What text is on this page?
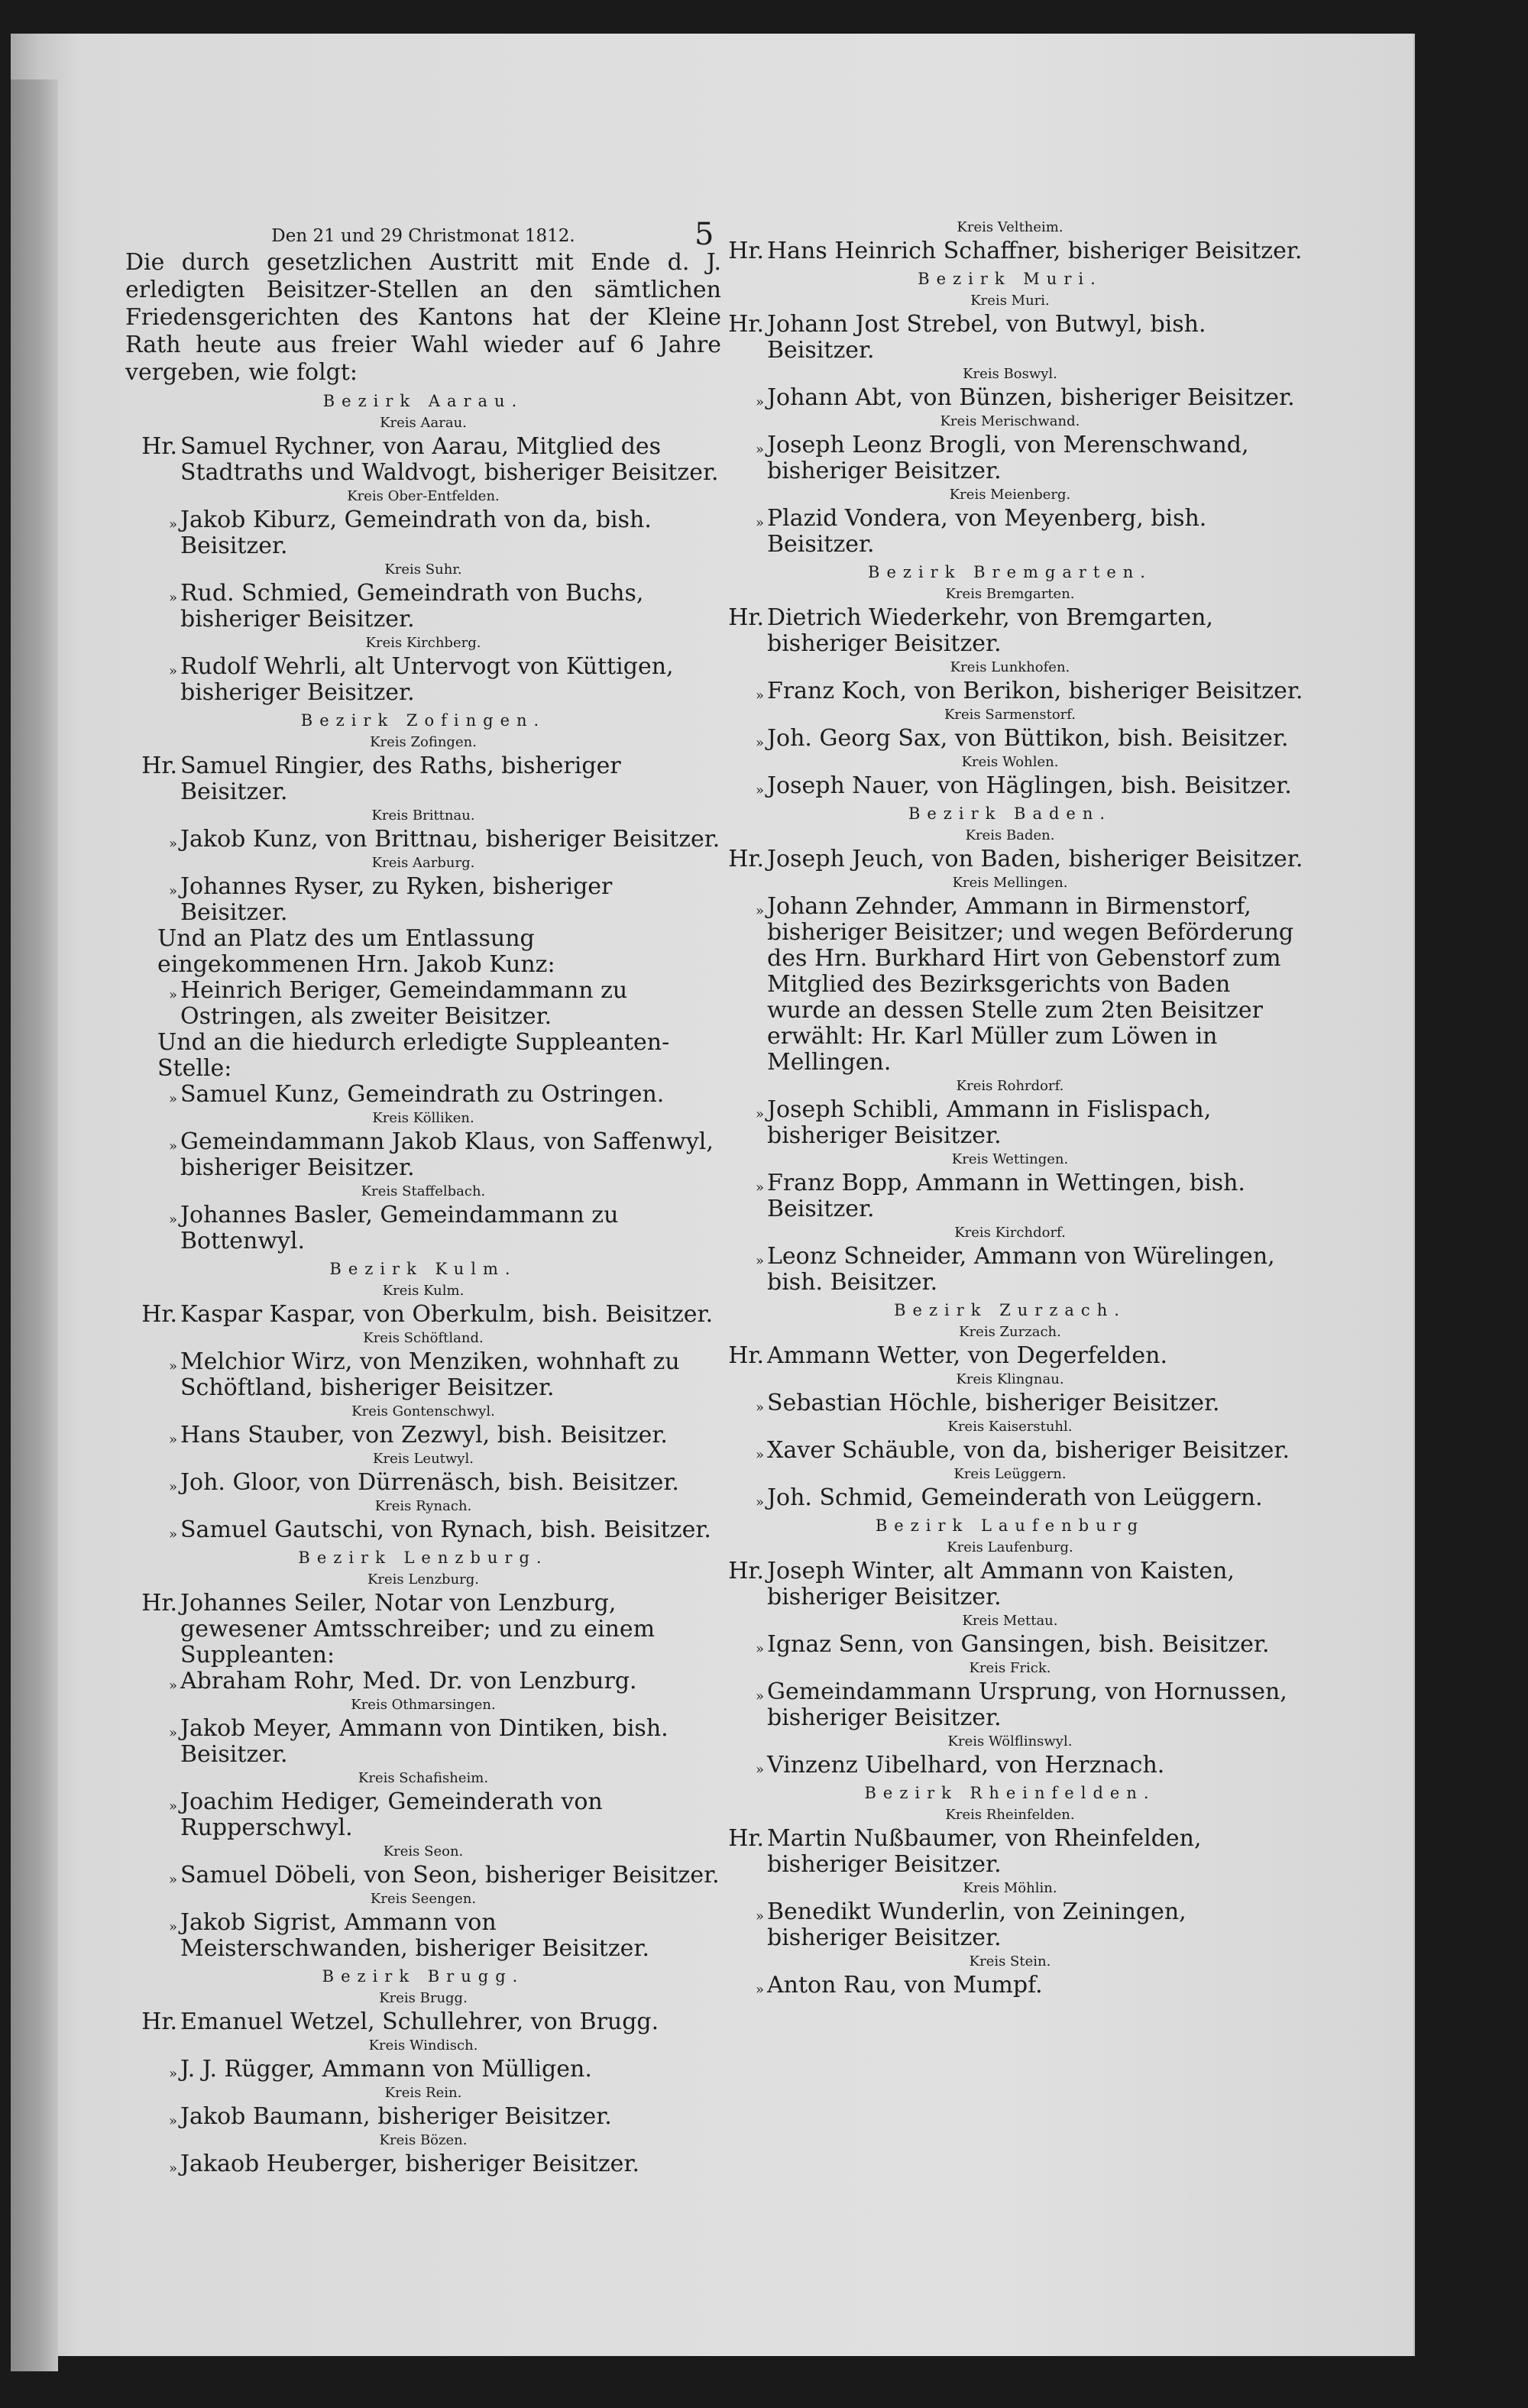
5
Den 21 und 29 Christmonat 1812.
Die durch gesetzlichen Austritt mit Ende d. J. erledigten Beisitzer-Stellen an den sämtlichen Friedensgerichten des Kantons hat der Kleine Rath heute aus freier Wahl wieder auf 6 Jahre vergeben, wie folgt:
Bezirk Aarau.
Kreis Aarau.
Hr. Samuel Rychner, von Aarau, Mitglied des Stadtraths und Waldvogt, bisheriger Beisitzer.
Kreis Ober-Entfelden.
» Jakob Kiburz, Gemeindrath von da, bish. Beisitzer.
Kreis Suhr.
» Rud. Schmied, Gemeindrath von Buchs, bisheriger Beisitzer.
Kreis Kirchberg.
» Rudolf Wehrli, alt Untervogt von Küttigen, bisheriger Beisitzer.
Bezirk Zofingen.
Kreis Zofingen.
Hr. Samuel Ringier, des Raths, bisheriger Beisitzer.
Kreis Brittnau.
» Jakob Kunz, von Brittnau, bisheriger Beisitzer.
Kreis Aarburg.
» Johannes Ryser, zu Ryken, bisheriger Beisitzer.
Und an Platz des um Entlassung eingekommenen Hrn. Jakob Kunz:
» Heinrich Beriger, Gemeindammann zu Ostringen, als zweiter Beisitzer.
Und an die hiedurch erledigte Suppleanten-Stelle:
» Samuel Kunz, Gemeindrath zu Ostringen.
Kreis Kölliken.
» Gemeindammann Jakob Klaus, von Saffenwyl, bisheriger Beisitzer.
Kreis Staffelbach.
» Johannes Basler, Gemeindammann zu Bottenwyl.
Bezirk Kulm.
Kreis Kulm.
Hr. Kaspar Kaspar, von Oberkulm, bish. Beisitzer.
Kreis Schöftland.
» Melchior Wirz, von Menziken, wohnhaft zu Schöftland, bisheriger Beisitzer.
Kreis Gontenschwyl.
» Hans Stauber, von Zezwyl, bish. Beisitzer.
Kreis Leutwyl.
» Joh. Gloor, von Dürrenäsch, bish. Beisitzer.
Kreis Rynach.
» Samuel Gautschi, von Rynach, bish. Beisitzer.
Bezirk Lenzburg.
Kreis Lenzburg.
Hr. Johannes Seiler, Notar von Lenzburg, gewesener Amtsschreiber; und zu einem Suppleanten:
» Abraham Rohr, Med. Dr. von Lenzburg.
Kreis Othmarsingen.
» Jakob Meyer, Ammann von Dintiken, bish. Beisitzer.
Kreis Schafisheim.
» Joachim Hediger, Gemeinderath von Rupperschwyl.
Kreis Seon.
» Samuel Döbeli, von Seon, bisheriger Beisitzer.
Kreis Seengen.
» Jakob Sigrist, Ammann von Meisterschwanden, bisheriger Beisitzer.
Bezirk Brugg.
Kreis Brugg.
Hr. Emanuel Wetzel, Schullehrer, von Brugg.
Kreis Windisch.
» J. J. Rügger, Ammann von Mülligen.
Kreis Rein.
» Jakob Baumann, bisheriger Beisitzer.
Kreis Bözen.
» Jakaob Heuberger, bisheriger Beisitzer.
Kreis Veltheim.
Hr. Hans Heinrich Schaffner, bisheriger Beisitzer.
Bezirk Muri.
Kreis Muri.
Hr. Johann Jost Strebel, von Butwyl, bish. Beisitzer.
Kreis Boswyl.
» Johann Abt, von Bünzen, bisheriger Beisitzer.
Kreis Merischwand.
» Joseph Leonz Brogli, von Merenschwand, bisheriger Beisitzer.
Kreis Meienberg.
» Plazid Vondera, von Meyenberg, bish. Beisitzer.
Bezirk Bremgarten.
Kreis Bremgarten.
Hr. Dietrich Wiederkehr, von Bremgarten, bisheriger Beisitzer.
Kreis Lunkhofen.
» Franz Koch, von Berikon, bisheriger Beisitzer.
Kreis Sarmenstorf.
» Joh. Georg Sax, von Büttikon, bish. Beisitzer.
Kreis Wohlen.
» Joseph Nauer, von Häglingen, bish. Beisitzer.
Bezirk Baden.
Kreis Baden.
Hr. Joseph Jeuch, von Baden, bisheriger Beisitzer.
Kreis Mellingen.
» Johann Zehnder, Ammann in Birmenstorf, bisheriger Beisitzer; und wegen Beförderung des Hrn. Burkhard Hirt von Gebenstorf zum Mitglied des Bezirksgerichts von Baden wurde an dessen Stelle zum 2ten Beisitzer erwählt: Hr. Karl Müller zum Löwen in Mellingen.
Kreis Rohrdorf.
» Joseph Schibli, Ammann in Fislispach, bisheriger Beisitzer.
Kreis Wettingen.
» Franz Bopp, Ammann in Wettingen, bish. Beisitzer.
Kreis Kirchdorf.
» Leonz Schneider, Ammann von Würelingen, bish. Beisitzer.
Bezirk Zurzach.
Kreis Zurzach.
Hr. Ammann Wetter, von Degerfelden.
Kreis Klingnau.
» Sebastian Höchle, bisheriger Beisitzer.
Kreis Kaiserstuhl.
» Xaver Schäuble, von da, bisheriger Beisitzer.
Kreis Leüggern.
» Joh. Schmid, Gemeinderath von Leüggern.
Bezirk Laufenburg
Kreis Laufenburg.
Hr. Joseph Winter, alt Ammann von Kaisten, bisheriger Beisitzer.
Kreis Mettau.
» Ignaz Senn, von Gansingen, bish. Beisitzer.
Kreis Frick.
» Gemeindammann Ursprung, von Hornussen, bisheriger Beisitzer.
Kreis Wölflinswyl.
» Vinzenz Uibelhard, von Herznach.
Bezirk Rheinfelden.
Kreis Rheinfelden.
Hr. Martin Nußbaumer, von Rheinfelden, bisheriger Beisitzer.
Kreis Möhlin.
» Benedikt Wunderlin, von Zeiningen, bisheriger Beisitzer.
Kreis Stein.
» Anton Rau, von Mumpf.
